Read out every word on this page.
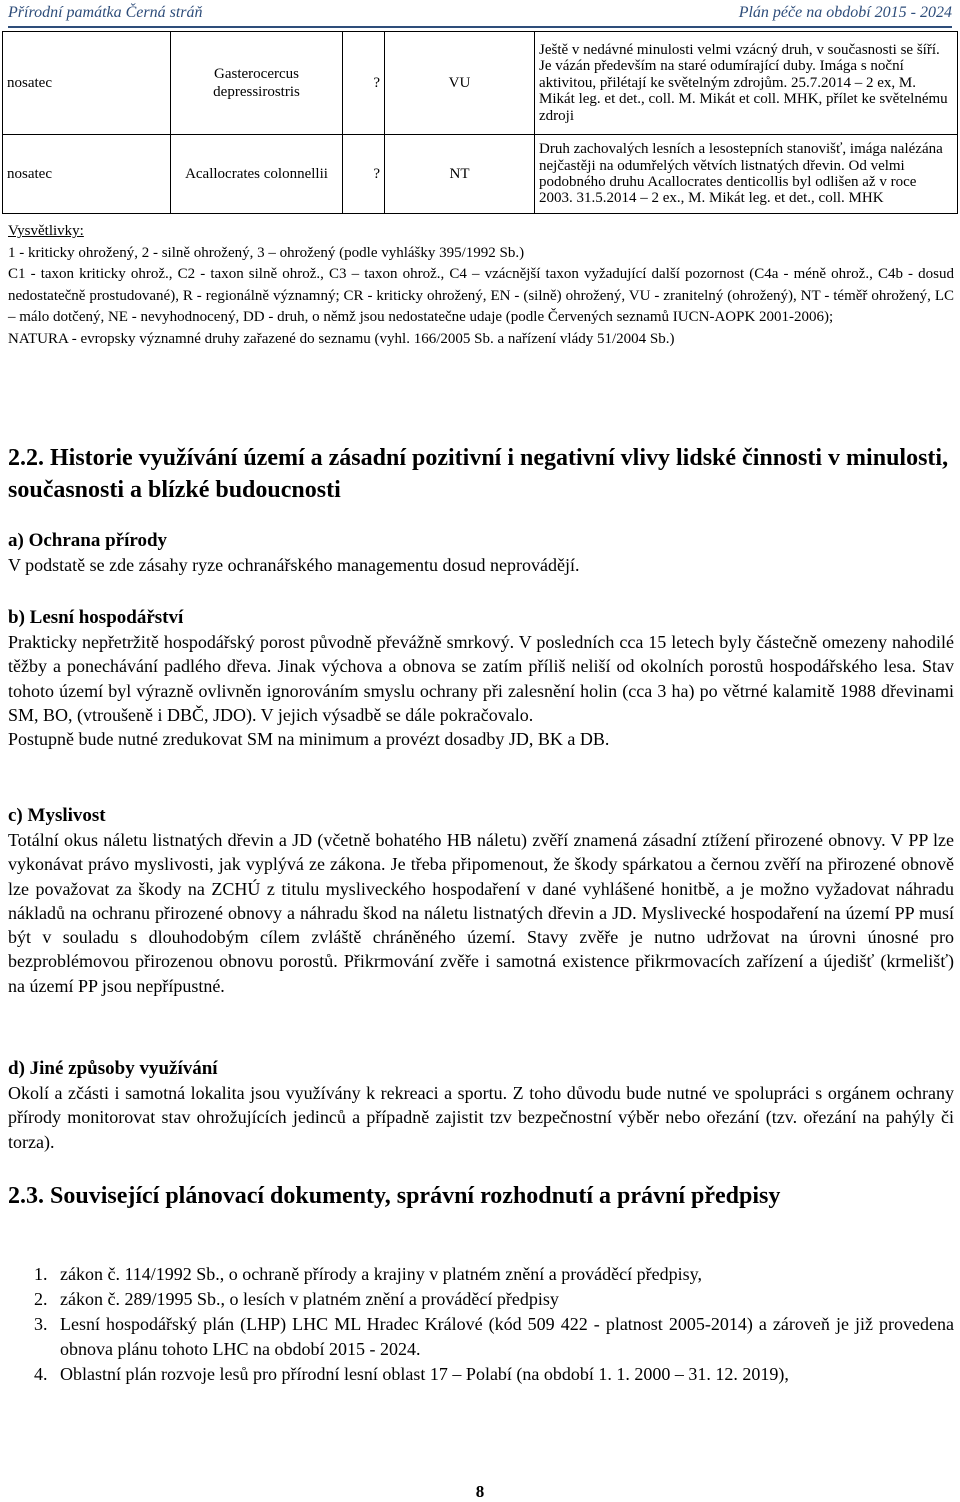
Přírodní památka Černá stráň	Plán péče na období 2015 - 2024
nosatec	Gasterocercus depressirostris	?	VU	Ještě v nedávné minulosti velmi vzácný druh, v současnosti se šíří. Je vázán především na staré odumírající duby. Imága s noční aktivitou, přilétají ke světelným zdrojům. 25.7.2014 – 2 ex, M. Mikát leg. et det., coll. M. Mikát et coll. MHK, přílet ke světelnému zdroji
nosatec	Acallocrates colonnellii	?	NT	Druh zachovalých lesních a lesostepních stanovišť, imága nalézána nejčastěji na odumřelých větvích listnatých dřevin. Od velmi podobného druhu Acallocrates denticollis byl odlišen až v roce 2003. 31.5.2014 – 2 ex., M. Mikát leg. et det., coll. MHK
Vysvětlivky:

1 - kriticky ohrožený, 2 - silně ohrožený, 3 – ohrožený (podle vyhlášky 395/1992 Sb.)

C1 - taxon kriticky ohrož., C2 - taxon silně ohrož., C3 – taxon ohrož., C4 – vzácnější taxon vyžadující další pozornost (C4a - méně ohrož., C4b - dosud nedostatečně prostudované), R - regionálně významný; CR - kriticky ohrožený, EN - (silně) ohrožený, VU - zranitelný (ohrožený), NT - téměř ohrožený, LC – málo dotčený, NE - nevyhodnocený, DD - druh, o němž jsou nedostatečne udaje (podle Červených seznamů IUCN-AOPK 2001-2006);

NATURA - evropsky významné druhy zařazené do seznamu (vyhl. 166/2005 Sb. a nařízení vlády 51/2004 Sb.)

2.2. Historie využívání území a zásadní pozitivní i negativní vlivy lidské činnosti v minulosti, současnosti a blízké budoucnosti
a) Ochrana přírody

V podstatě se zde zásahy ryze ochranářského managementu dosud neprovádějí.

b) Lesní hospodářství

Prakticky nepřetržitě hospodářský porost původně převážně smrkový. V posledních cca 15 letech byly částečně omezeny nahodilé těžby a ponechávání padlého dřeva. Jinak výchova a obnova se zatím příliš neliší od okolních porostů hospodářského lesa. Stav tohoto území byl výrazně ovlivněn ignorováním smyslu ochrany při zalesnění holin (cca 3 ha) po větrné kalamitě 1988 dřevinami SM, BO, (vtroušeně i DBČ, JDO). V jejich výsadbě se dále pokračovalo.

Postupně bude nutné zredukovat SM na minimum a provézt dosadby JD, BK a DB.

c) Myslivost

Totální okus náletu listnatých dřevin a JD (včetně bohatého HB náletu) zvěří znamená zásadní ztížení přirozené obnovy. V PP lze vykonávat právo myslivosti, jak vyplývá ze zákona. Je třeba připomenout, že škody spárkatou a černou zvěří na přirozené obnově lze považovat za škody na ZCHÚ z titulu mysliveckého hospodaření v dané vyhlášené honitbě, a je možno vyžadovat náhradu nákladů na ochranu přirozené obnovy a náhradu škod na náletu listnatých dřevin a JD. Myslivecké hospodaření na území PP musí být v souladu s dlouhodobým cílem zvláště chráněného území. Stavy zvěře je nutno udržovat na úrovni únosné pro bezproblémovou přirozenou obnovu porostů. Přikrmování zvěře i samotná existence přikrmovacích zařízení a újedišť (krmelišť) na území PP jsou nepřípustné.

d) Jiné způsoby využívání

Okolí a zčásti i samotná lokalita jsou využívány k rekreaci a sportu. Z toho důvodu bude nutné ve spolupráci s orgánem ochrany přírody monitorovat stav ohrožujících jedinců a případně zajistit tzv bezpečnostní výběr nebo ořezání (tzv. ořezání na pahýly či torza).

2.3. Související plánovací dokumenty, správní rozhodnutí a právní předpisy
1. zákon č. 114/1992 Sb., o ochraně přírody a krajiny v platném znění a prováděcí předpisy,
2. zákon č. 289/1995 Sb., o lesích v platném znění a prováděcí předpisy
3. Lesní hospodářský plán (LHP) LHC ML Hradec Králové (kód 509 422 - platnost 2005-2014) a zároveň je již provedena obnova plánu tohoto LHC na období 2015 - 2024.
4. Oblastní plán rozvoje lesů pro přírodní lesní oblast 17 – Polabí (na období 1. 1. 2000 – 31. 12. 2019),
8
